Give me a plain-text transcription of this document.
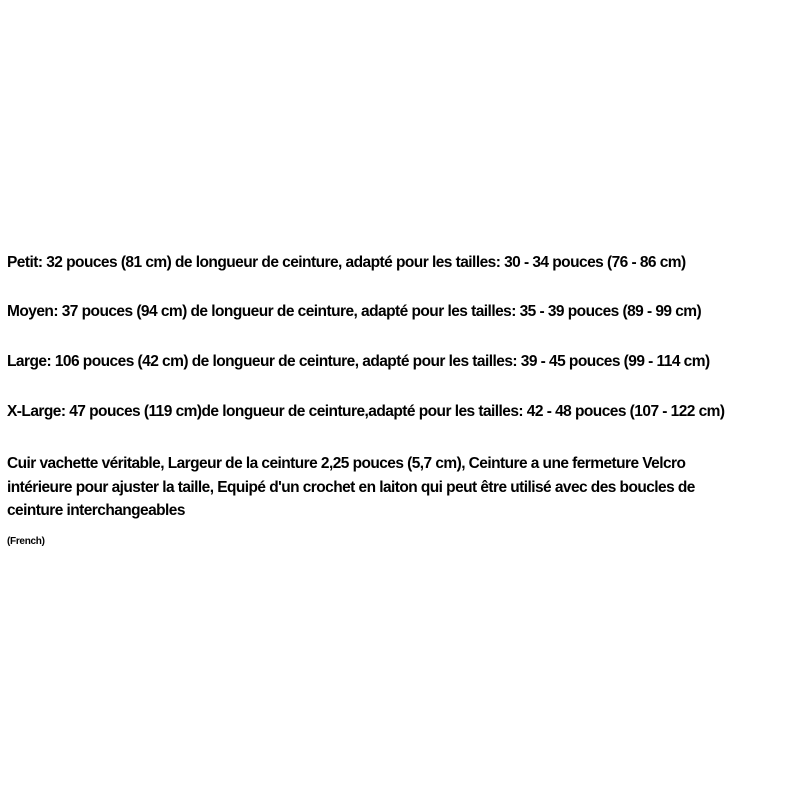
Petit: 32 pouces (81 cm) de longueur de ceinture, adapté pour les tailles: 30 - 34 pouces (76 - 86 cm)
Moyen: 37 pouces (94 cm) de longueur de ceinture, adapté pour les tailles: 35 - 39 pouces (89 - 99 cm)
Large: 106 pouces (42 cm) de longueur de ceinture, adapté pour les tailles: 39 - 45 pouces (99 - 114 cm)
X-Large: 47 pouces (119 cm)de longueur de ceinture,adapté pour les tailles: 42 - 48 pouces (107 - 122 cm)
Cuir vachette véritable, Largeur de la ceinture 2,25 pouces (5,7 cm), Ceinture a une fermeture Velcro
intérieure pour ajuster la taille, Equipé d'un crochet en laiton qui peut être utilisé avec des boucles de
ceinture interchangeables
(French)
